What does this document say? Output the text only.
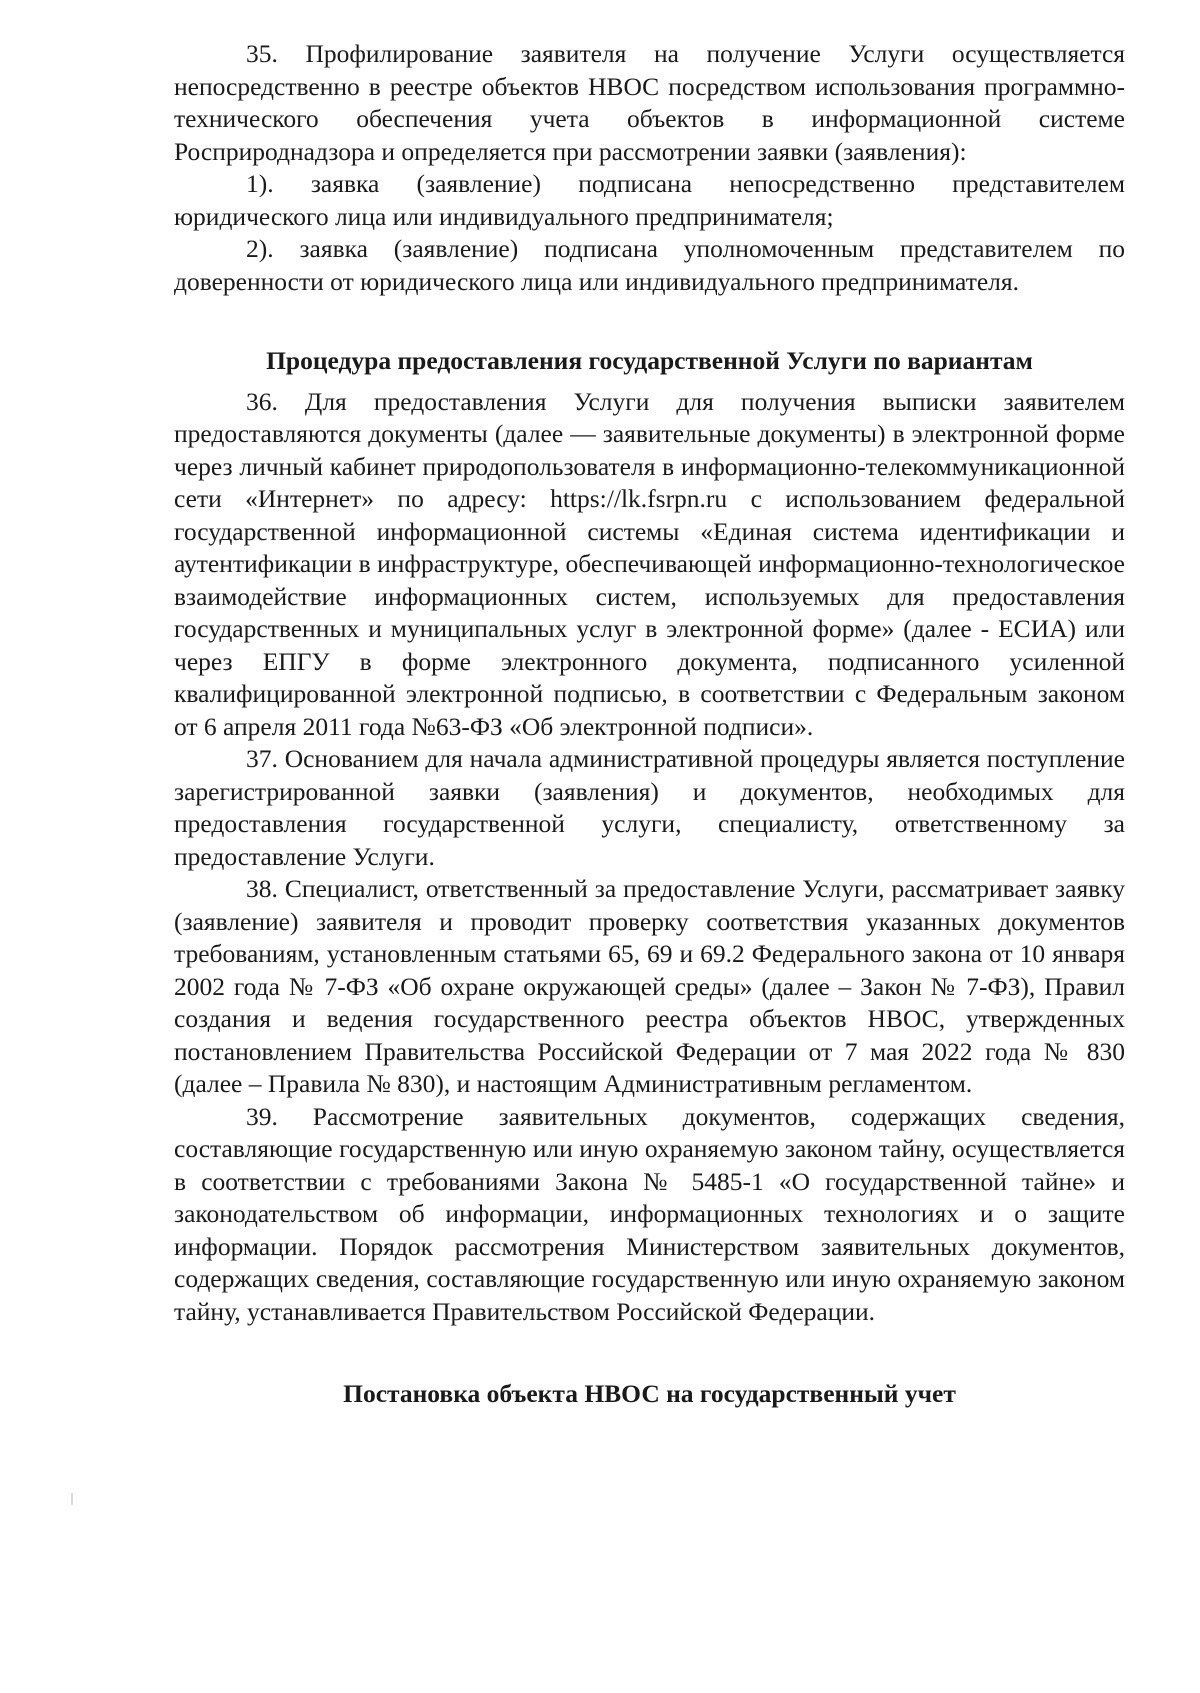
35. Профилирование заявителя на получение Услуги осуществляется непосредственно в реестре объектов НВОС посредством использования программно-технического обеспечения учета объектов в информационной системе Росприроднадзора и определяется при рассмотрении заявки (заявления):

1). заявка (заявление) подписана непосредственно представителем юридического лица или индивидуального предпринимателя;

2). заявка (заявление) подписана уполномоченным представителем по доверенности от юридического лица или индивидуального предпринимателя.

Процедура предоставления государственной Услуги по вариантам

36. Для предоставления Услуги для получения выписки заявителем предоставляются документы (далее — заявительные документы) в электронной форме через личный кабинет природопользователя в информационно-телекоммуникационной сети «Интернет» по адресу: https://lk.fsrpn.ru с использованием федеральной государственной информационной системы «Единая система идентификации и аутентификации в инфраструктуре, обеспечивающей информационно-технологическое взаимодействие информационных систем, используемых для предоставления государственных и муниципальных услуг в электронной форме» (далее - ЕСИА) или через ЕПГУ в форме электронного документа, подписанного усиленной квалифицированной электронной подписью, в соответствии с Федеральным законом от 6 апреля 2011 года №63-ФЗ «Об электронной подписи».

37. Основанием для начала административной процедуры является поступление зарегистрированной заявки (заявления) и документов, необходимых для предоставления государственной услуги, специалисту, ответственному за предоставление Услуги.

38. Специалист, ответственный за предоставление Услуги, рассматривает заявку (заявление) заявителя и проводит проверку соответствия указанных документов требованиям, установленным статьями 65, 69 и 69.2 Федерального закона от 10 января 2002 года № 7-ФЗ «Об охране окружающей среды» (далее – Закон № 7-ФЗ), Правил создания и ведения государственного реестра объектов НВОС, утвержденных постановлением Правительства Российской Федерации от 7 мая 2022 года № 830 (далее – Правила № 830), и настоящим Административным регламентом.

39. Рассмотрение заявительных документов, содержащих сведения, составляющие государственную или иную охраняемую законом тайну, осуществляется в соответствии с требованиями Закона № 5485-1 «О государственной тайне» и законодательством об информации, информационных технологиях и о защите информации. Порядок рассмотрения Министерством заявительных документов, содержащих сведения, составляющие государственную или иную охраняемую законом тайну, устанавливается Правительством Российской Федерации.

Постановка объекта НВОС на государственный учет
